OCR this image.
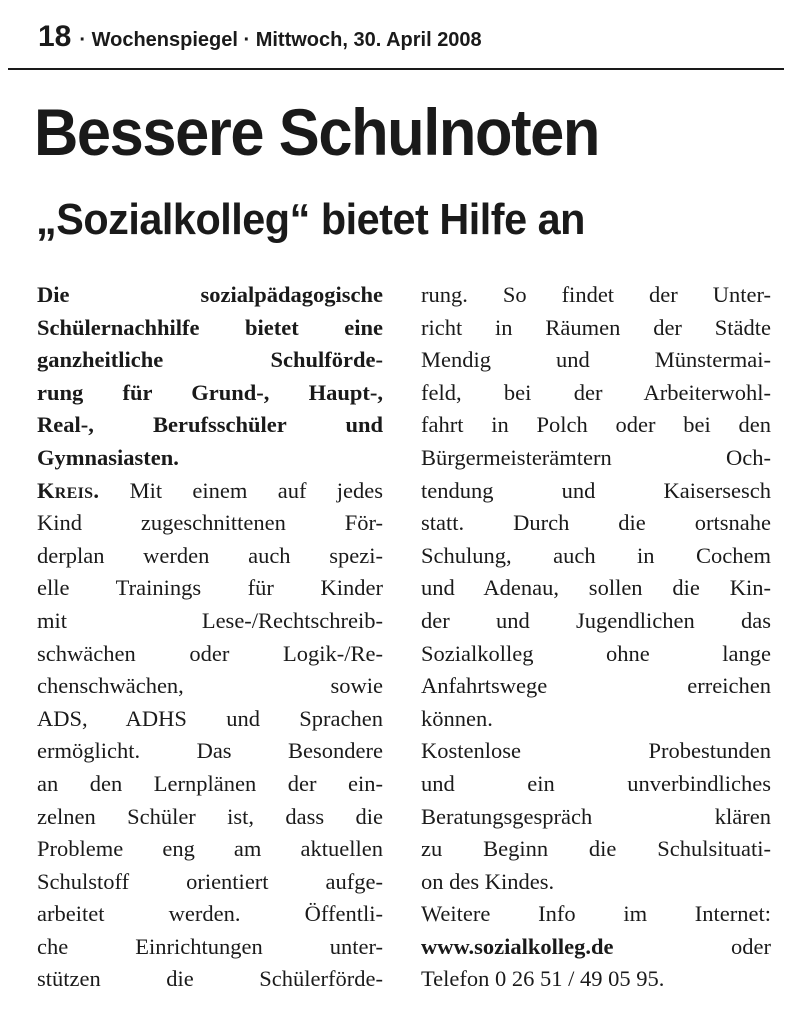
18 · Wochenspiegel · Mittwoch, 30. April 2008
Bessere Schulnoten
„Sozialkolleg“ bietet Hilfe an
Die sozialpädagogische
Schülernachhilfe bietet eine
ganzheitliche Schulförde-
rung für Grund-, Haupt-,
Real-, Berufsschüler und
Gymnasiasten.
Kreis. Mit einem auf jedes
Kind zugeschnittenen För-
derplan werden auch spezi-
elle Trainings für Kinder
mit Lese-/Rechtschreib-
schwächen oder Logik-/Re-
chenschwächen, sowie
ADS, ADHS und Sprachen
ermöglicht. Das Besondere
an den Lernplänen der ein-
zelnen Schüler ist, dass die
Probleme eng am aktuellen
Schulstoff orientiert aufge-
arbeitet werden. Öffentli-
che Einrichtungen unter-
stützen die Schülerförde-
rung. So findet der Unter-
richt in Räumen der Städte
Mendig und Münstermai-
feld, bei der Arbeiterwohl-
fahrt in Polch oder bei den
Bürgermeisterämtern Och-
tendung und Kaisersesch
statt. Durch die ortsnahe
Schulung, auch in Cochem
und Adenau, sollen die Kin-
der und Jugendlichen das
Sozialkolleg ohne lange
Anfahrtswege erreichen
können.
Kostenlose Probestunden
und ein unverbindliches
Beratungsgespräch klären
zu Beginn die Schulsituati-
on des Kindes.
Weitere Info im Internet:
www.sozialkolleg.de	oder
Telefon 0 26 51 / 49 05 95.
